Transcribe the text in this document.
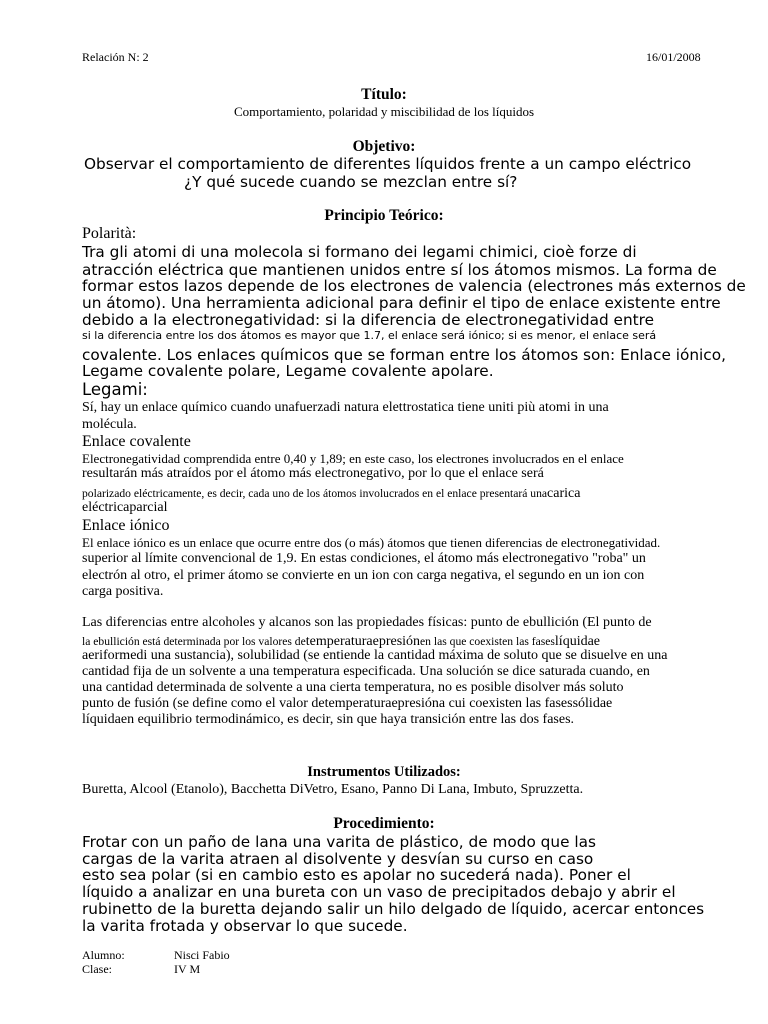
Relación N: 2	16/01/2008
Título:
Comportamiento, polaridad y miscibilidad de los líquidos
Objetivo:
Observar el comportamiento de diferentes líquidos frente a un campo eléctrico
¿Y qué sucede cuando se mezclan entre sí?
Principio Teórico:
Polarità:
Tra gli atomi di una molecola si formano dei legami chimici, cioè forze di
atracción eléctrica que mantienen unidos entre sí los átomos mismos. La forma de
formar estos lazos depende de los electrones de valencia (electrones más externos de
un átomo). Una herramienta adicional para definir el tipo de enlace existente entre
debido a la electronegatividad: si la diferencia de electronegatividad entre
si la diferencia entre los dos átomos es mayor que 1.7, el enlace será iónico; si es menor, el enlace será
covalente. Los enlaces químicos que se forman entre los átomos son: Enlace iónico,
Legame covalente polare, Legame covalente apolare.
Legami:
Sí, hay un enlace químico cuando unafuerzadi natura elettrostatica tiene uniti più atomi in una
molécula.
Enlace covalente
Electronegatividad comprendida entre 0,40 y 1,89; en este caso, los electrones involucrados en el enlace
resultarán más atraídos por el átomo más electronegativo, por lo que el enlace será
polarizado eléctricamente, es decir, cada uno de los átomos involucrados en el enlace presentará unacarica
eléctricaparcial
Enlace iónico
El enlace iónico es un enlace que ocurre entre dos (o más) átomos que tienen diferencias de electronegatividad.
superior al límite convencional de 1,9. En estas condiciones, el átomo más electronegativo "roba" un
electrón al otro, el primer átomo se convierte en un ion con carga negativa, el segundo en un ion con
carga positiva.
Las diferencias entre alcoholes y alcanos son las propiedades físicas: punto de ebullición (El punto de
la ebullición está determinada por los valores detemperaturaepresiónen las que coexisten las faseslíquidae
aeriformedi una sustancia), solubilidad (se entiende la cantidad máxima de soluto que se disuelve en una
cantidad fija de un solvente a una temperatura especificada. Una solución se dice saturada cuando, en
una cantidad determinada de solvente a una cierta temperatura, no es posible disolver más soluto
punto de fusión (se define como el valor detemperaturaepresióna cui coexisten las fasessólidae
líquidaen equilibrio termodinámico, es decir, sin que haya transición entre las dos fases.
Instrumentos Utilizados:
Buretta, Alcool (Etanolo), Bacchetta DiVetro, Esano, Panno Di Lana, Imbuto, Spruzzetta.
Procedimiento:
Frotar con un paño de lana una varita de plástico, de modo que las
cargas de la varita atraen al disolvente y desvían su curso en caso
esto sea polar (si en cambio esto es apolar no sucederá nada). Poner el
líquido a analizar en una bureta con un vaso de precipitados debajo y abrir el
rubinetto de la buretta dejando salir un hilo delgado de líquido, acercar entonces
la varita frotada y observar lo que sucede.
Alumno:	Nisci Fabio
Clase:	IV M
